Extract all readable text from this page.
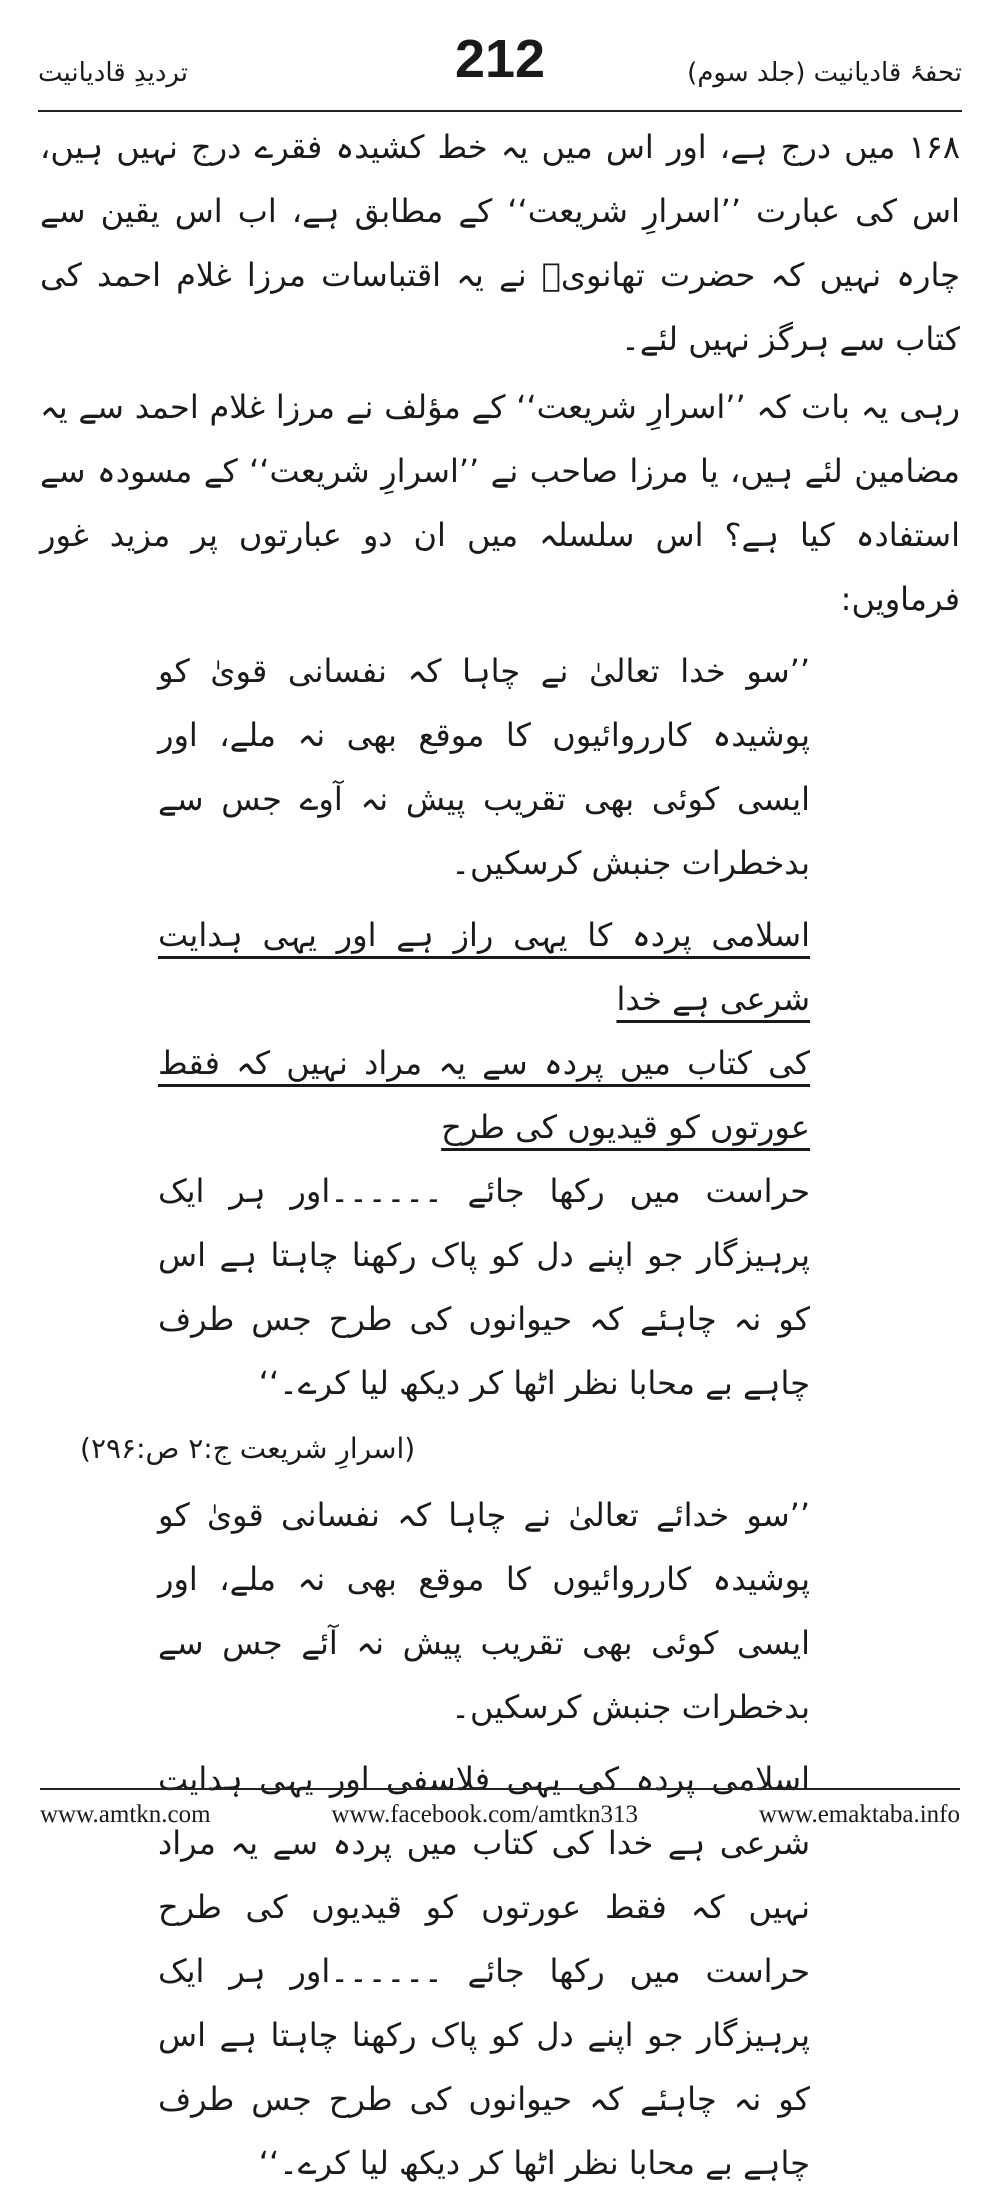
تحفۂ قادیانیت (جلد سوم)
212
تردیدِ قادیانیت

۱۶۸ میں درج ہے، اور اس میں یہ خط کشیدہ فقرے درج نہیں ہیں، اس کی عبارت ’’اسرارِ شریعت‘‘ کے مطابق ہے، اب اس یقین سے چارہ نہیں کہ حضرت تھانویؒ نے یہ اقتباسات مرزا غلام احمد کی کتاب سے ہرگز نہیں لئے۔

رہی یہ بات کہ ’’اسرارِ شریعت‘‘ کے مؤلف نے مرزا غلام احمد سے یہ مضامین لئے ہیں، یا مرزا صاحب نے ’’اسرارِ شریعت‘‘ کے مسودہ سے استفادہ کیا ہے؟ اس سلسلہ میں ان دو عبارتوں پر مزید غور فرماویں:

’’سو خدا تعالیٰ نے چاہا کہ نفسانی قویٰ کو پوشیدہ کارروائیوں کا موقع بھی نہ ملے، اور ایسی کوئی بھی تقریب پیش نہ آوے جس سے بدخطرات جنبش کرسکیں۔

اسلامی پردہ کا یہی راز ہے اور یہی ہدایت شرعی ہے خدا

کی کتاب میں پردہ سے یہ مراد نہیں کہ فقط عورتوں کو قیدیوں کی طرح

حراست میں رکھا جائے ۔۔۔۔۔۔اور ہر ایک پرہیزگار جو اپنے دل کو پاک رکھنا چاہتا ہے اس کو نہ چاہئے کہ حیوانوں کی طرح جس طرف چاہے بے محابا نظر اٹھا کر دیکھ لیا کرے۔‘‘

(اسرارِ شریعت ج:۲ ص:۲۹۶)

’’سو خدائے تعالیٰ نے چاہا کہ نفسانی قویٰ کو پوشیدہ کارروائیوں کا موقع بھی نہ ملے، اور ایسی کوئی بھی تقریب پیش نہ آئے جس سے بدخطرات جنبش کرسکیں۔

اسلامی پردہ کی یہی فلاسفی اور یہی ہدایت شرعی ہے خدا کی کتاب میں پردہ سے یہ مراد نہیں کہ فقط عورتوں کو قیدیوں کی طرح حراست میں رکھا جائے ۔۔۔۔۔۔اور ہر ایک پرہیزگار جو اپنے دل کو پاک رکھنا چاہتا ہے اس کو نہ چاہئے کہ حیوانوں کی طرح جس طرف چاہے بے محابا نظر اٹھا کر دیکھ لیا کرے۔‘‘

www.amtkn.com	www.facebook.com/amtkn313	www.emaktaba.info
